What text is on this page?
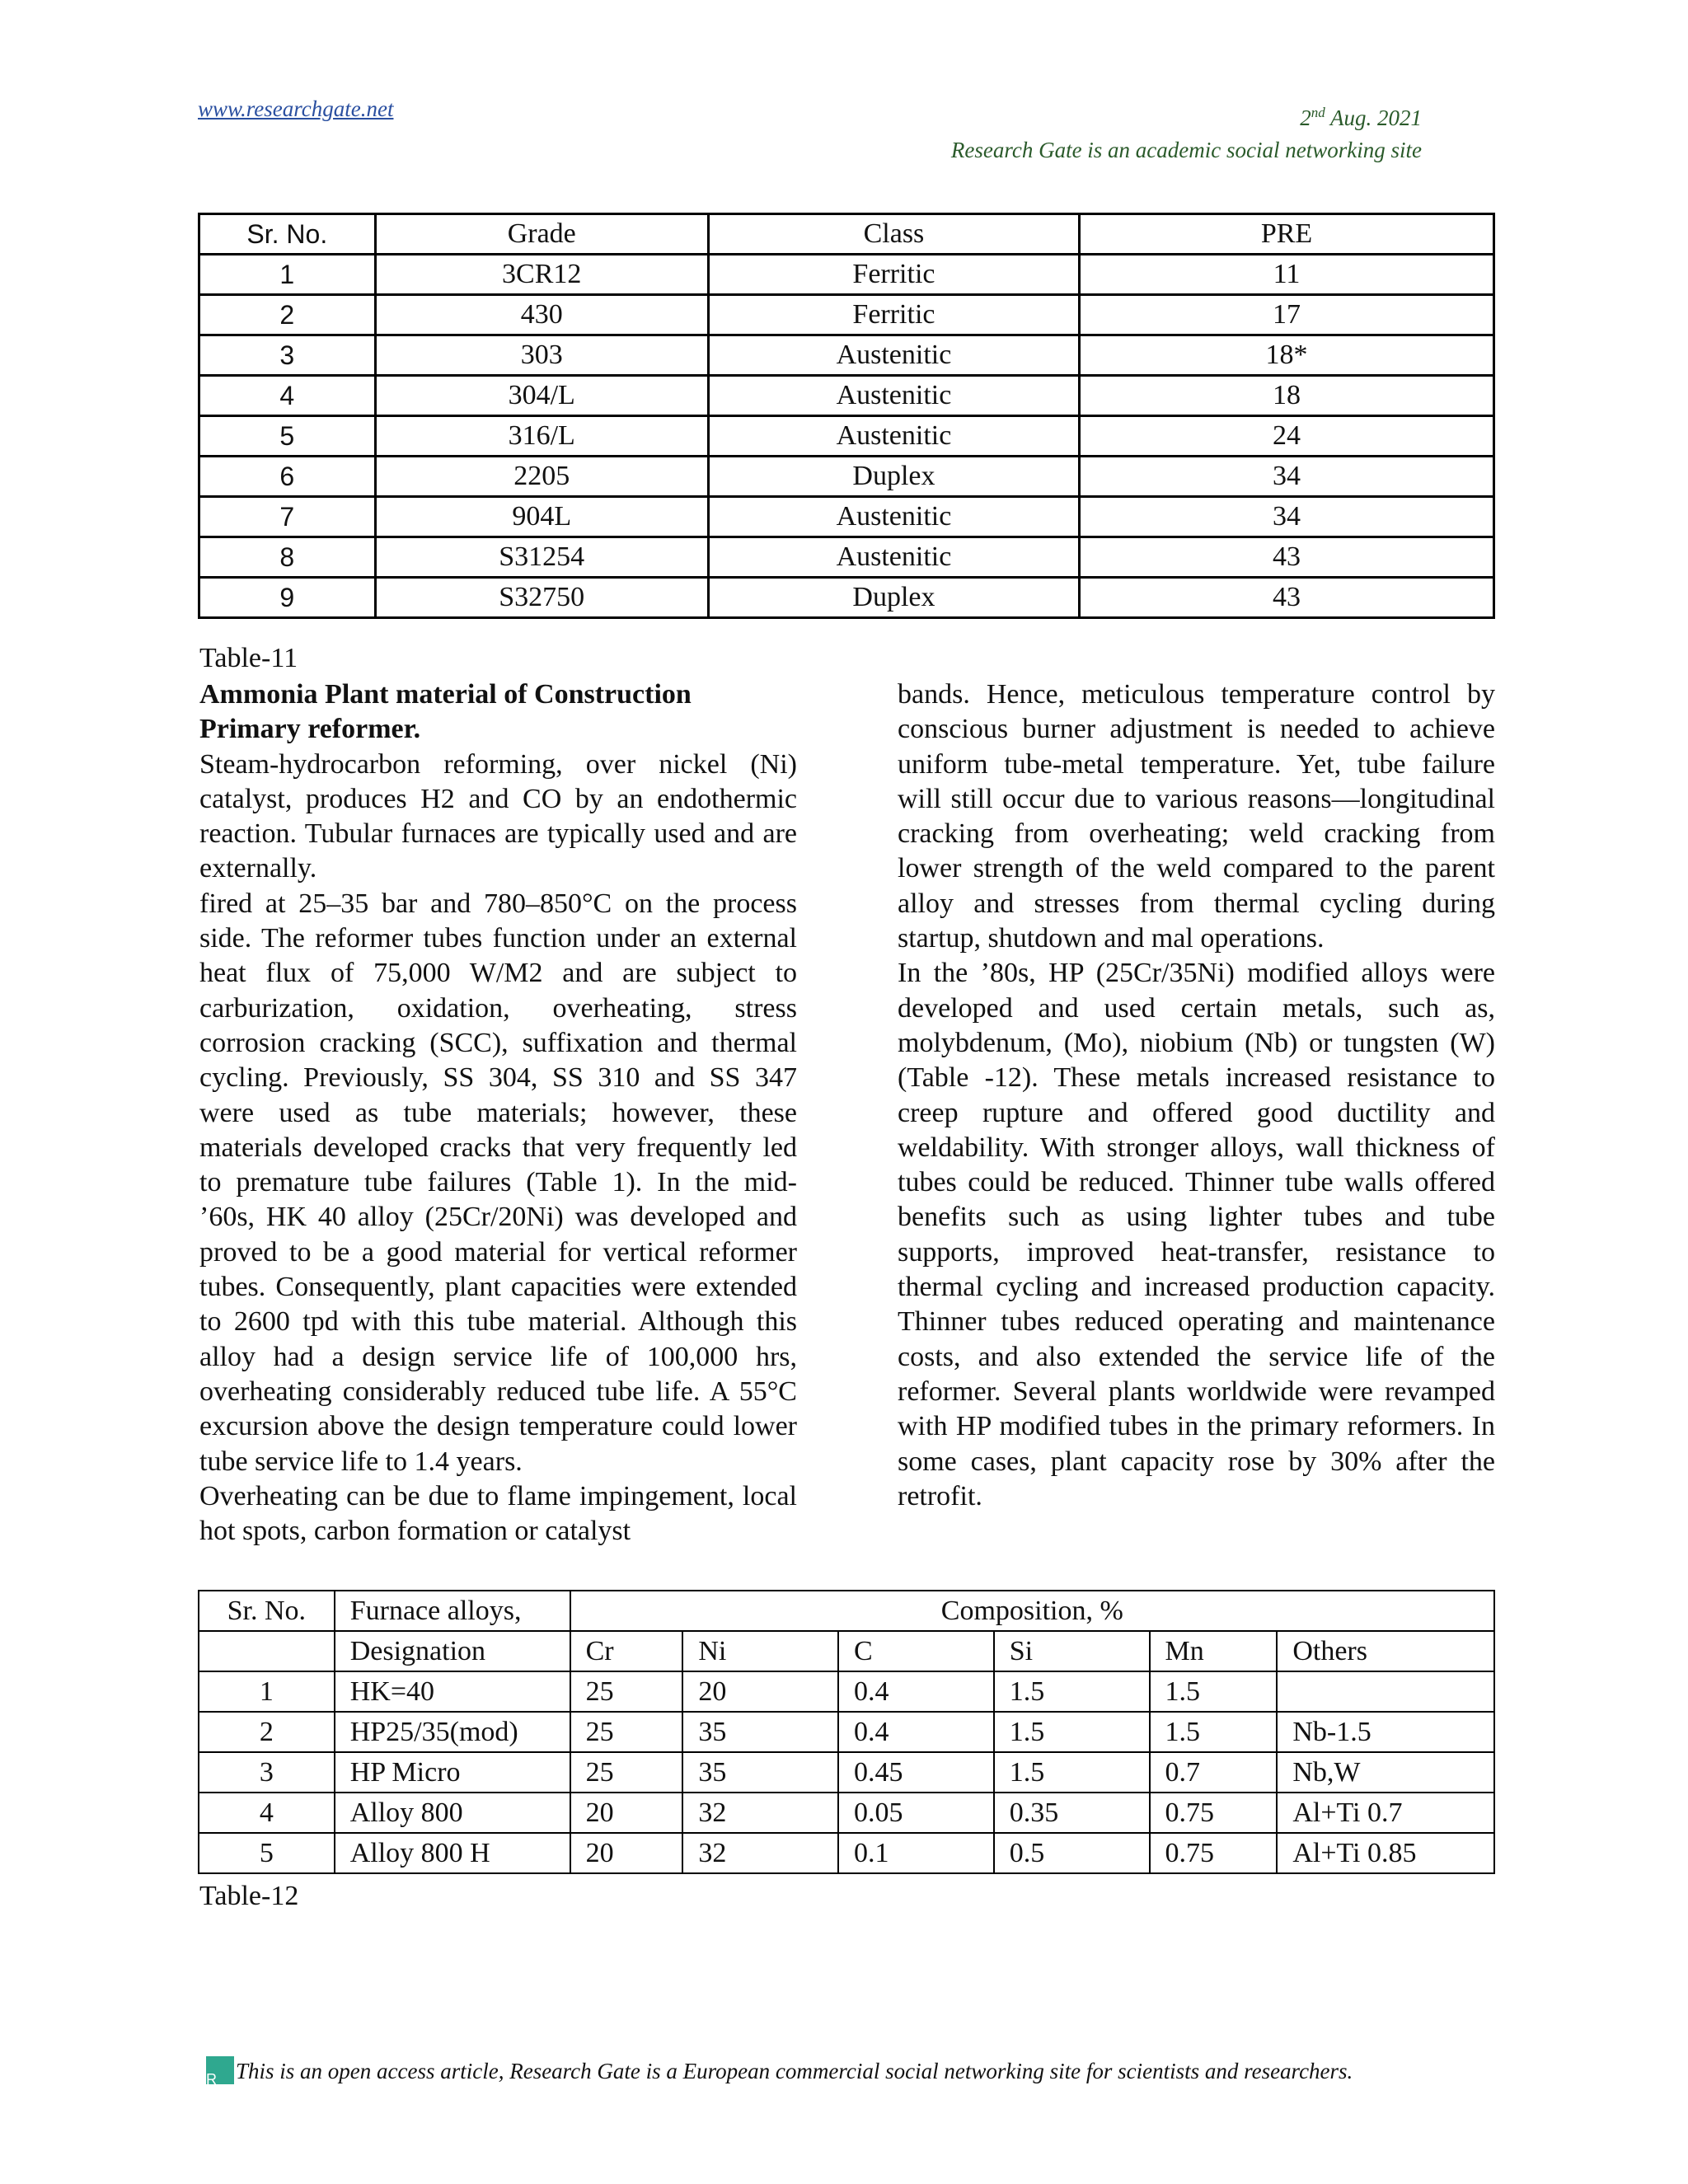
www.researchgate.net	2nd Aug. 2021
Research Gate is an academic social networking site
Sr. No.	Grade	Class	PRE
1	3CR12	Ferritic	11
2	430	Ferritic	17
3	303	Austenitic	18*
4	304/L	Austenitic	18
5	316/L	Austenitic	24
6	2205	Duplex	34
7	904L	Austenitic	34
8	S31254	Austenitic	43
9	S32750	Duplex	43
Table-11

Ammonia Plant material of Construction

Primary reformer.

Steam-hydrocarbon reforming, over nickel (Ni) catalyst, produces H2 and CO by an endothermic reaction. Tubular furnaces are typically used and are externally.

fired at 25–35 bar and 780–850°C on the process side. The reformer tubes function under an external heat flux of 75,000 W/M2 and are subject to carburization, oxidation, overheating, stress corrosion cracking (SCC), suffixation and thermal cycling. Previously, SS 304, SS 310 and SS 347 were used as tube materials; however, these materials developed cracks that very frequently led to premature tube failures (Table 1). In the mid- ’60s, HK 40 alloy (25Cr/20Ni) was developed and proved to be a good material for vertical reformer tubes. Consequently, plant capacities were extended to 2600 tpd with this tube material. Although this alloy had a design service life of 100,000 hrs, overheating considerably reduced tube life. A 55°C excursion above the design temperature could lower tube service life to 1.4 years.

Overheating can be due to flame impingement, local hot spots, carbon formation or catalyst

bands. Hence, meticulous temperature control by conscious burner adjustment is needed to achieve uniform tube-metal temperature. Yet, tube failure will still occur due to various reasons—longitudinal cracking from overheating; weld cracking from lower strength of the weld compared to the parent alloy and stresses from thermal cycling during startup, shutdown and mal operations.

In the ’80s, HP (25Cr/35Ni) modified alloys were developed and used certain metals, such as, molybdenum, (Mo), niobium (Nb) or tungsten (W) (Table -12). These metals increased resistance to creep rupture and offered good ductility and weldability. With stronger alloys, wall thickness of tubes could be reduced. Thinner tube walls offered benefits such as using lighter tubes and tube supports, improved heat-transfer, resistance to thermal cycling and increased production capacity. Thinner tubes reduced operating and maintenance costs, and also extended the service life of the reformer. Several plants worldwide were revamped with HP modified tubes in the primary reformers. In some cases, plant capacity rose by 30% after the retrofit.

Sr. No.	Furnace alloys,	Composition, %					
	Designation	Cr	Ni	C	Si	Mn	Others
1	HK=40	25	20	0.4	1.5	1.5	
2	HP25/35(mod)	25	35	0.4	1.5	1.5	Nb-1.5
3	HP Micro	25	35	0.45	1.5	0.7	Nb,W
4	Alloy 800	20	32	0.05	0.35	0.75	Al+Ti 0.7
5	Alloy 800 H	20	32	0.1	0.5	0.75	Al+Ti 0.85
Table-12
R This is an open access article, Research Gate is a European commercial social networking site for scientists and researchers.
